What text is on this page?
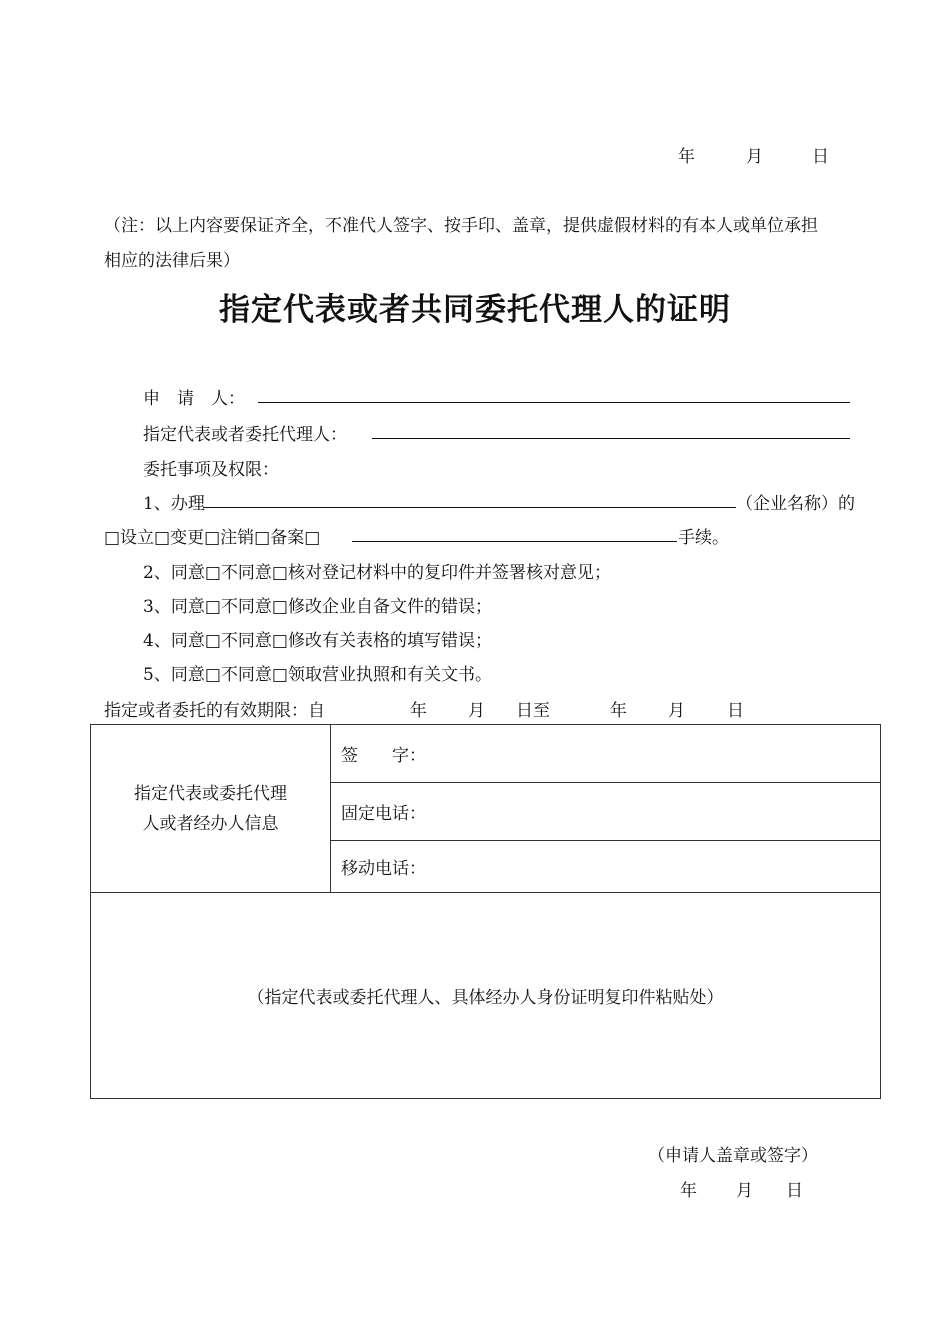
年	月	日
（注：以上内容要保证齐全，不准代人签字、按手印、盖章，提供虚假材料的有本人或单位承担
相应的法律后果）
指定代表或者共同委托代理人的证明
申　请　人：
指定代表或者委托代理人：
委托事项及权限：
1、办理	（企业名称）的
□设立□变更□注销□备案□	手续。
2、同意□不同意□核对登记材料中的复印件并签署核对意见；
3、同意□不同意□修改企业自备文件的错误；
4、同意□不同意□修改有关表格的填写错误；
5、同意□不同意□领取营业执照和有关文书。
指定或者委托的有效期限：自	年 月 日至	年 月 日
指定代表或委托代理
人或者经办人信息
	签　　字：
固定电话：
移动电话：
（指定代表或委托代理人、具体经办人身份证明复印件粘贴处）
（申请人盖章或签字）
年 月 日
